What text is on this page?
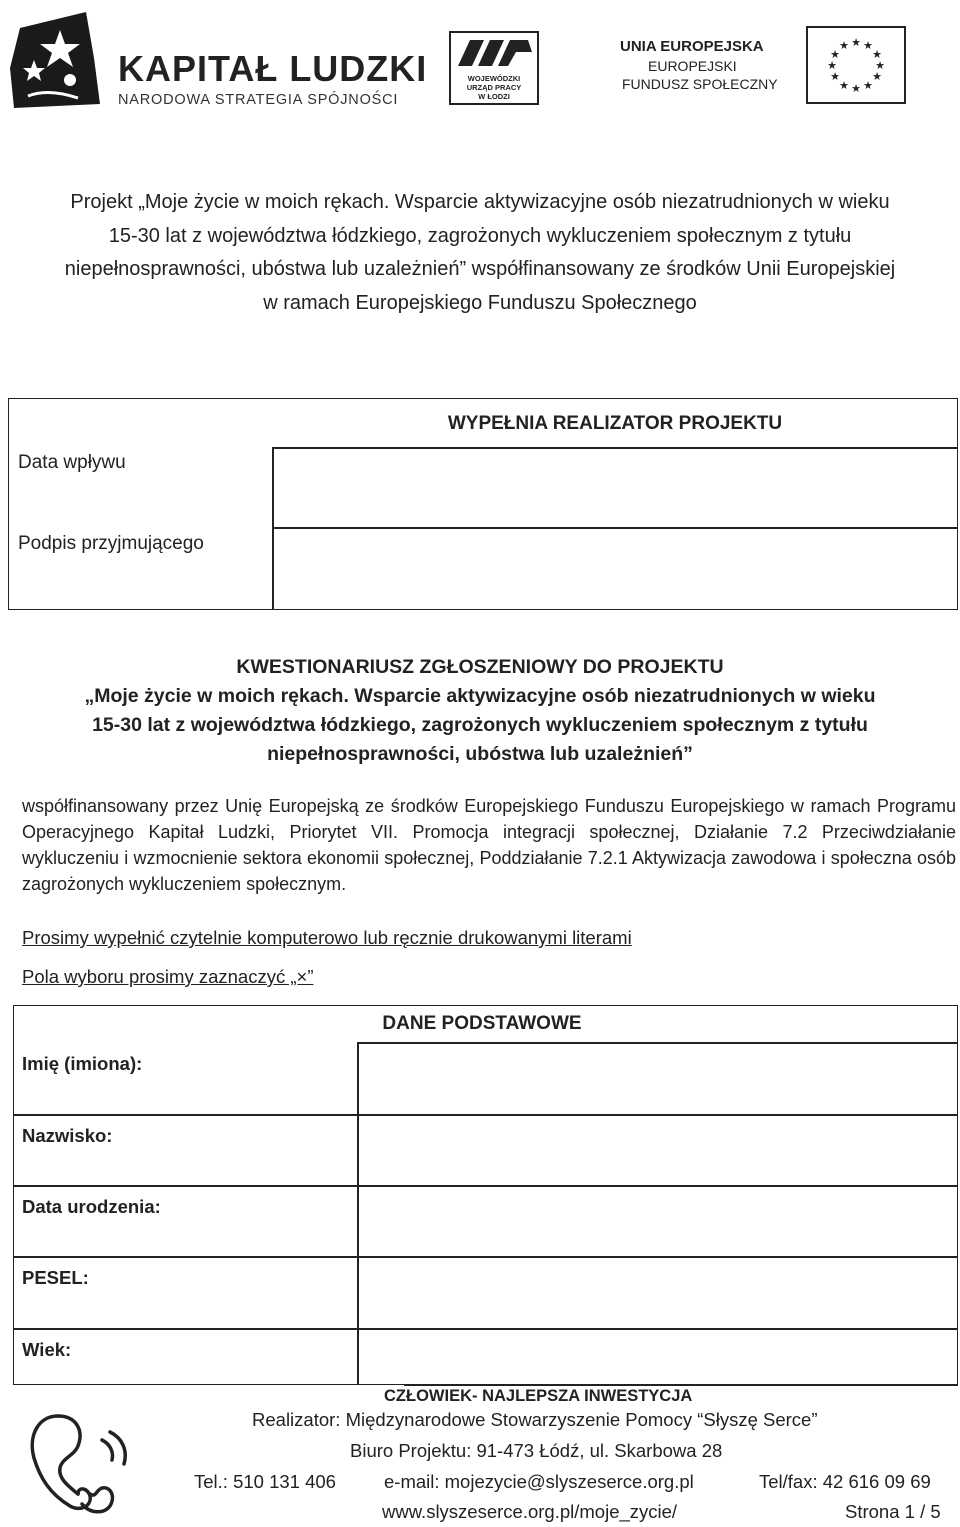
KAPITAŁ LUDZKI
NARODOWA STRATEGIA SPÓJNOŚCI
WOJEWÓDZKI
URZĄD PRACY
W ŁODZI
UNIA EUROPEJSKA
EUROPEJSKI
FUNDUSZ SPOŁECZNY
★ ★
★
★
★
★
★
★
★
★
★
★
Projekt „Moje życie w moich rękach. Wsparcie aktywizacyjne osób niezatrudnionych w wieku
15-30 lat z województwa łódzkiego, zagrożonych wykluczeniem społecznym z tytułu
niepełnosprawności, ubóstwa lub uzależnień” współfinansowany ze środków Unii Europejskiej
w ramach Europejskiego Funduszu Społecznego
WYPEŁNIA REALIZATOR PROJEKTU
Data wpływu
Podpis przyjmującego
KWESTIONARIUSZ ZGŁOSZENIOWY DO PROJEKTU
„Moje życie w moich rękach. Wsparcie aktywizacyjne osób niezatrudnionych w wieku
15-30 lat z województwa łódzkiego, zagrożonych wykluczeniem społecznym z tytułu
niepełnosprawności, ubóstwa lub uzależnień”
współfinansowany przez Unię Europejską ze środków Europejskiego Funduszu Europejskiego w ramach Programu Operacyjnego Kapitał Ludzki, Priorytet VII. Promocja integracji społecznej, Działanie 7.2 Przeciwdziałanie wykluczeniu i wzmocnienie sektora ekonomii społecznej, Poddziałanie 7.2.1 Aktywizacja zawodowa i społeczna osób zagrożonych wykluczeniem społecznym.
Prosimy wypełnić czytelnie komputerowo lub ręcznie drukowanymi literami
Pola wyboru prosimy zaznaczyć „×”
DANE PODSTAWOWE
Imię (imiona):
Nazwisko:
Data urodzenia:
PESEL:
Wiek:
CZŁOWIEK- NAJLEPSZA INWESTYCJA
Realizator: Międzynarodowe Stowarzyszenie Pomocy “Słyszę Serce”
Biuro Projektu: 91-473 Łódź, ul. Skarbowa 28
Tel.: 510 131 406	e-mail: mojezycie@slyszeserce.org.pl	Tel/fax: 42 616 09 69
www.slyszeserce.org.pl/moje_zycie/	Strona 1 / 5
